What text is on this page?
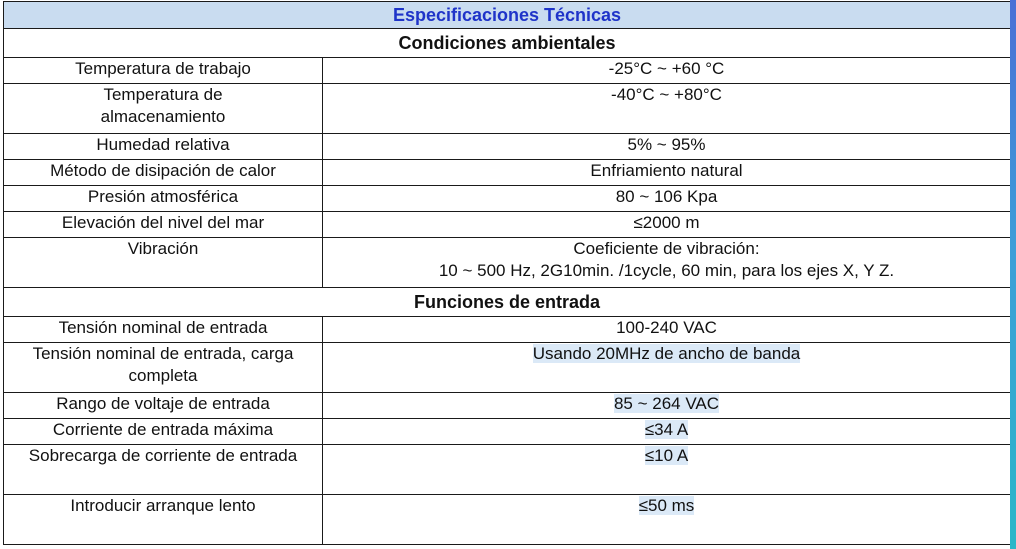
Especificaciones Técnicas	
Condiciones ambientales	
Temperatura de trabajo	-25°C ~ +60 °C

Temperatura de almacenamiento	-40°C ~ +80°C
Humedad relativa	5% ~ 95%
Método de disipación de calor	Enfriamiento natural
Presión atmosférica	80 ~ 106 Kpa
Elevación del nivel del mar	≤2000 m
Vibración	Coeficiente de vibración:
10 ~ 500 Hz, 2G10min. /1cycle, 60 min, para los ejes X, Y Z.

Funciones de entrada	
Tensión nominal de entrada	100-240 VAC

Tensión nominal de entrada, carga completa	Usando 20MHz de ancho de banda
Rango de voltaje de entrada	85 ~ 264 VAC
Corriente de entrada máxima	≤34 A

Sobrecarga de corriente de entrada	≤10 A
Introducir arranque lento	≤50 ms
